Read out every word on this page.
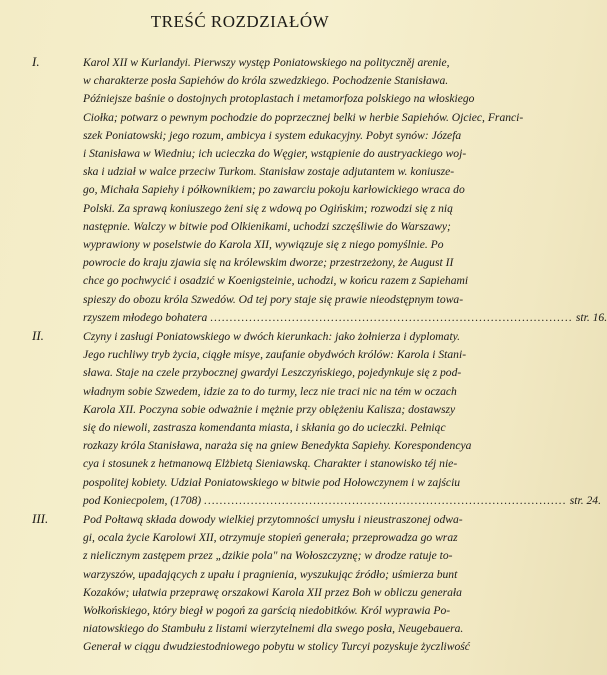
TREŚĆ ROZDZIAŁÓW
I.	Karol XII w Kurlandyi. Pierwszy występ Poniatowskiego na polityczněj arenie,
w charakterze posła Sapiehów do króla szwedzkiego. Pochodzenie Stanisława.
Późniejsze baśnie o dostojnych protoplastach i metamorfoza polskiego na włoskiego
Ciołka; potwarz o pewnym pochodzie do poprzecznej belki w herbie Sapiehów. Ojciec, Franci-
szek Poniatowski; jego rozum, ambicya i system edukacyjny. Pobyt synów: Józefa
i Stanisława w Wiedniu; ich ucieczka do Węgier, wstąpienie do austryackiego woj-
ska i udział w walce przeciw Turkom. Stanisław zostaje adjutantem w. koniusze-
go, Michała Sapiehy i półkownikiem; po zawarciu pokoju karłowickiego wraca do
Polski. Za sprawą koniuszego żeni się z wdową po Ogińskim; rozwodzi się z nią
następnie. Walczy w bitwie pod Olkienikami, uchodzi szczęśliwie do Warszawy;
wyprawiony w poselstwie do Karola XII, wywiązuje się z niego pomyślnie. Po
powrocie do kraju zjawia się na królewskim dworze; przestrzeżony, że August II
chce go pochwycić i osadzić w Koenigsteinie, uchodzi, w końcu razem z Sapiehami
spieszy do obozu króla Szwedów. Od tej pory staje się prawie nieodstępnym towa-
rzyszem młodego bohatera ............................................................................................. str. 16.
II.	Czyny i zasługi Poniatowskiego w dwóch kierunkach: jako żołnierza i dyplomaty.
Jego ruchliwy tryb życia, ciągłe misye, zaufanie obydwóch królów: Karola i Stani-
sława. Staje na czele przybocznej gwardyi Leszczyńskiego, pojedynkuje się z pod-
władnym sobie Szwedem, idzie za to do turmy, lecz nie traci nic na tém w oczach
Karola XII. Poczyna sobie odważnie i mężnie przy oblężeniu Kalisza; dostawszy
się do niewoli, zastrasza komendanta miasta, i skłania go do ucieczki. Pełniąc
rozkazy króla Stanisława, naraża się na gniew Benedykta Sapiehy. Korespondencya
cya i stosunek z hetmanową Elżbietą Sieniawską. Charakter i stanowisko téj nie-
pospolitej kobiety. Udział Poniatowskiego w bitwie pod Hołowczynem i w zajściu
pod Koniecpolem, (1708) ............................................................................................. str. 24.
III.	Pod Połtawą składa dowody wielkiej przytomności umysłu i nieustraszonej odwa-
gi, ocala życie Karolowi XII, otrzymuje stopień generała; przeprowadza go wraz
z nielicznym zastępem przez „dzikie pola" na Wołoszczyznę; w drodze ratuje to-
warzyszów, upadających z upału i pragnienia, wyszukując źródło; uśmierza bunt
Kozaków; ułatwia przeprawę orszakowi Karola XII przez Boh w obliczu generała
Wołkońskiego, który biegł w pogoń za garścią niedobitków. Król wyprawia Po-
niatowskiego do Stambułu z listami wierzytelnemi dla swego posła, Neugebauera.
Generał w ciągu dwudziestodniowego pobytu w stolicy Turcyi pozyskuje życzliwość
